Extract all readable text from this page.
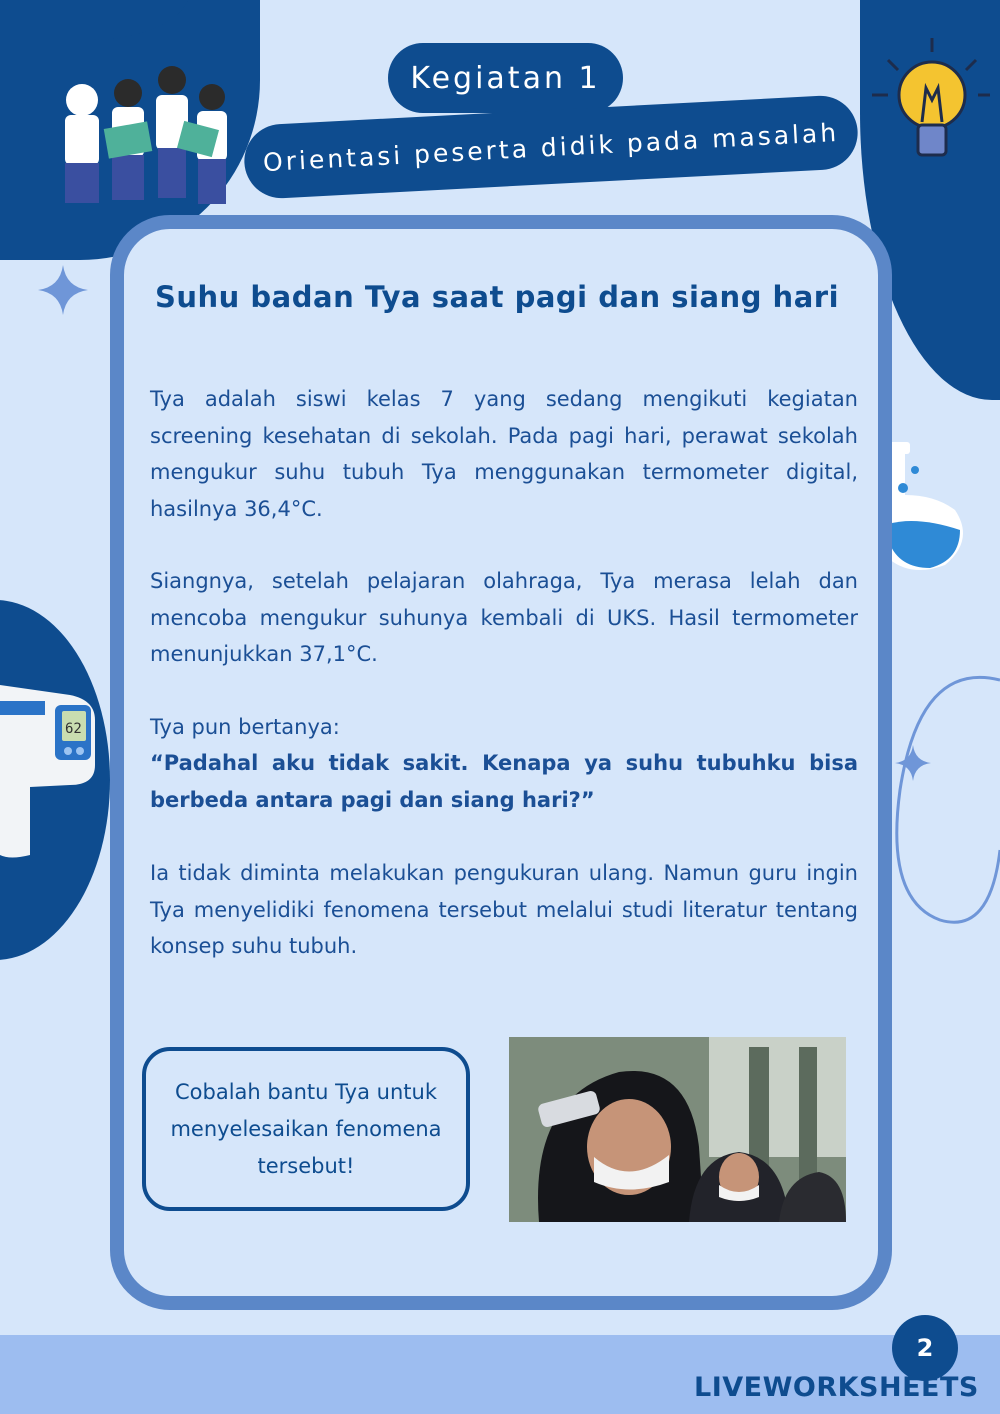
Kegiatan 1
Orientasi peserta didik pada masalah
62
Suhu badan Tya saat pagi dan siang hari
Tya adalah siswi kelas 7 yang sedang mengikuti kegiatan screening kesehatan di sekolah. Pada pagi hari, perawat sekolah mengukur suhu tubuh Tya menggunakan termometer digital, hasilnya 36,4°C.
Siangnya, setelah pelajaran olahraga, Tya merasa lelah dan mencoba mengukur suhunya kembali di UKS. Hasil termometer menunjukkan 37,1°C.
Tya pun bertanya:
“Padahal aku tidak sakit. Kenapa ya suhu tubuhku bisa berbeda antara pagi dan siang hari?”
Ia tidak diminta melakukan pengukuran ulang. Namun guru ingin Tya menyelidiki fenomena tersebut melalui studi literatur tentang konsep suhu tubuh.
Cobalah bantu Tya untuk menyelesaikan fenomena tersebut!
2
LIVEWORKSHEETS
